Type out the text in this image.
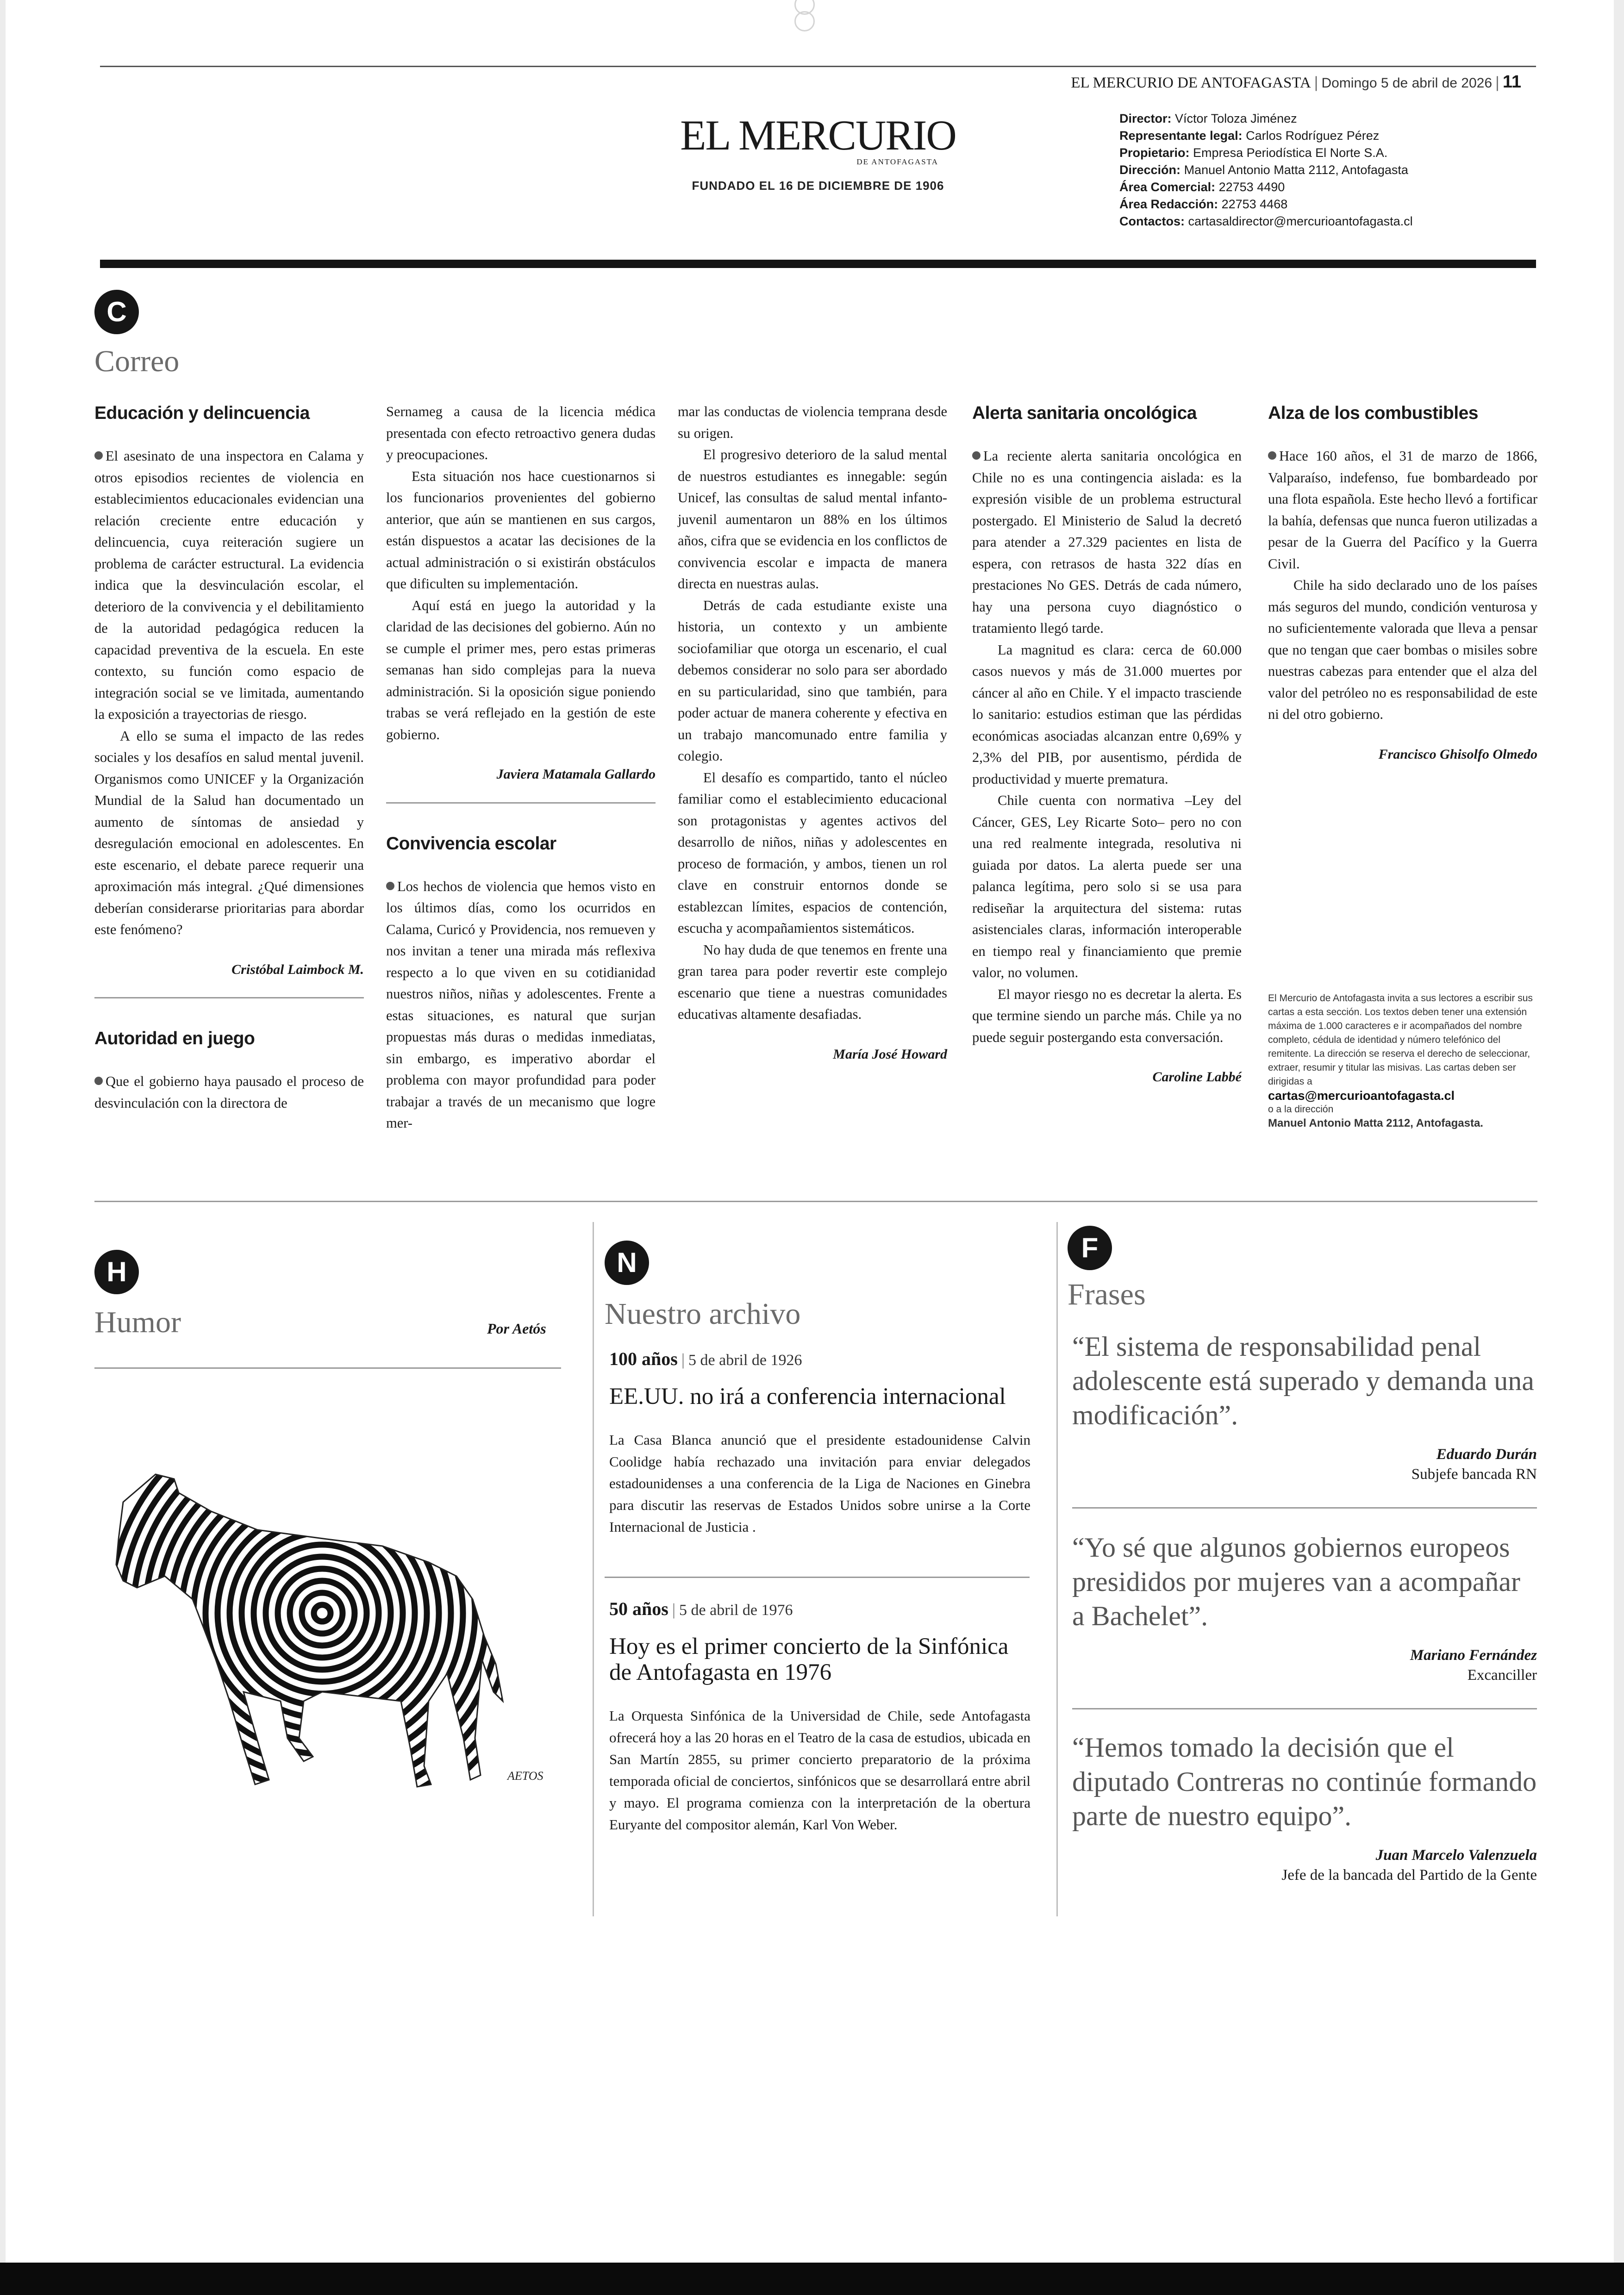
EL MERCURIO DE ANTOFAGASTA | Domingo 5 de abril de 2026 | 11
EL MERCURIO
DE ANTOFAGASTA
FUNDADO EL 16 DE DICIEMBRE DE 1906
Director: Víctor Toloza Jiménez
Representante legal: Carlos Rodríguez Pérez
Propietario: Empresa Periodística El Norte S.A.
Dirección: Manuel Antonio Matta 2112, Antofagasta
Área Comercial: 22753 4490
Área Redacción: 22753 4468
Contactos: cartasaldirector@mercurioantofagasta.cl
C
Correo
Educación y delincuencia

El asesinato de una inspectora en Calama y otros episodios recientes de violencia en establecimientos educacionales evidencian una relación creciente entre educación y delincuencia, cuya reiteración sugiere un problema de carácter estructural. La evidencia indica que la desvinculación escolar, el deterioro de la convivencia y el debilitamiento de la autoridad pedagógica reducen la capacidad preventiva de la escuela. En este contexto, su función como espacio de integración social se ve limitada, aumentando la exposición a trayectorias de riesgo.

A ello se suma el impacto de las redes sociales y los desafíos en salud mental juvenil. Organismos como UNICEF y la Organización Mundial de la Salud han documentado un aumento de síntomas de ansiedad y desregulación emocional en adolescentes. En este escenario, el debate parece requerir una aproximación más integral. ¿Qué dimensiones deberían considerarse prioritarias para abordar este fenómeno?

Cristóbal Laimbock M.
Autoridad en juego

Que el gobierno haya pausado el proceso de desvinculación con la directora de

Sernameg a causa de la licencia médica presentada con efecto retroactivo genera dudas y preocupaciones.

Esta situación nos hace cuestionarnos si los funcionarios provenientes del gobierno anterior, que aún se mantienen en sus cargos, están dispuestos a acatar las decisiones de la actual administración o si existirán obstáculos que dificulten su implementación.

Aquí está en juego la autoridad y la claridad de las decisiones del gobierno. Aún no se cumple el primer mes, pero estas primeras semanas han sido complejas para la nueva administración. Si la oposición sigue poniendo trabas se verá reflejado en la gestión de este gobierno.

Javiera Matamala Gallardo
Convivencia escolar

Los hechos de violencia que hemos visto en los últimos días, como los ocurridos en Calama, Curicó y Providencia, nos remueven y nos invitan a tener una mirada más reflexiva respecto a lo que viven en su cotidianidad nuestros niños, niñas y adolescentes. Frente a estas situaciones, es natural que surjan propuestas más duras o medidas inmediatas, sin embargo, es imperativo abordar el problema con mayor profundidad para poder trabajar a través de un mecanismo que logre mer-

mar las conductas de violencia temprana desde su origen.

El progresivo deterioro de la salud mental de nuestros estudiantes es innegable: según Unicef, las consultas de salud mental infanto-juvenil aumentaron un 88% en los últimos años, cifra que se evidencia en los conflictos de convivencia escolar e impacta de manera directa en nuestras aulas.

Detrás de cada estudiante existe una historia, un contexto y un ambiente sociofamiliar que otorga un escenario, el cual debemos considerar no solo para ser abordado en su particularidad, sino que también, para poder actuar de manera coherente y efectiva en un trabajo mancomunado entre familia y colegio.

El desafío es compartido, tanto el núcleo familiar como el establecimiento educacional son protagonistas y agentes activos del desarrollo de niños, niñas y adolescentes en proceso de formación, y ambos, tienen un rol clave en construir entornos donde se establezcan límites, espacios de contención, escucha y acompañamientos sistemáticos.

No hay duda de que tenemos en frente una gran tarea para poder revertir este complejo escenario que tiene a nuestras comunidades educativas altamente desafiadas.

María José Howard
Alerta sanitaria oncológica

La reciente alerta sanitaria oncológica en Chile no es una contingencia aislada: es la expresión visible de un problema estructural postergado. El Ministerio de Salud la decretó para atender a 27.329 pacientes en lista de espera, con retrasos de hasta 322 días en prestaciones No GES. Detrás de cada número, hay una persona cuyo diagnóstico o tratamiento llegó tarde.

La magnitud es clara: cerca de 60.000 casos nuevos y más de 31.000 muertes por cáncer al año en Chile. Y el impacto trasciende lo sanitario: estudios estiman que las pérdidas económicas asociadas alcanzan entre 0,69% y 2,3% del PIB, por ausentismo, pérdida de productividad y muerte prematura.

Chile cuenta con normativa –Ley del Cáncer, GES, Ley Ricarte Soto– pero no con una red realmente integrada, resolutiva ni guiada por datos. La alerta puede ser una palanca legítima, pero solo si se usa para rediseñar la arquitectura del sistema: rutas asistenciales claras, información interoperable en tiempo real y financiamiento que premie valor, no volumen.

El mayor riesgo no es decretar la alerta. Es que termine siendo un parche más. Chile ya no puede seguir postergando esta conversación.

Caroline Labbé
Alza de los combustibles

Hace 160 años, el 31 de marzo de 1866, Valparaíso, indefenso, fue bombardeado por una flota española. Este hecho llevó a fortificar la bahía, defensas que nunca fueron utilizadas a pesar de la Guerra del Pacífico y la Guerra Civil.

Chile ha sido declarado uno de los países más seguros del mundo, condición venturosa y no suficientemente valorada que lleva a pensar que no tengan que caer bombas o misiles sobre nuestras cabezas para entender que el alza del valor del petróleo no es responsabilidad de este ni del otro gobierno.

Francisco Ghisolfo Olmedo
El Mercurio de Antofagasta invita a sus lectores a escribir sus cartas a esta sección. Los textos deben tener una extensión máxima de 1.000 caracteres e ir acompañados del nombre completo, cédula de identidad y número telefónico del remitente. La dirección se reserva el derecho de seleccionar, extraer, resumir y titular las misivas. Las cartas deben ser dirigidas a
cartas@mercurioantofagasta.cl
o a la dirección
Manuel Antonio Matta 2112, Antofagasta.
H
Humor	Por Aetós
AETOS
N
Nuestro archivo
100 años | 5 de abril de 1926
EE.UU. no irá a conferencia internacional
La Casa Blanca anunció que el presidente estadounidense Calvin Coolidge había rechazado una invitación para enviar delegados estadounidenses a una conferencia de la Liga de Naciones en Ginebra para discutir las reservas de Estados Unidos sobre unirse a la Corte Internacional de Justicia .
50 años | 5 de abril de 1976
Hoy es el primer concierto de la Sinfónica de Antofagasta en 1976
La Orquesta Sinfónica de la Universidad de Chile, sede Antofagasta ofrecerá hoy a las 20 horas en el Teatro de la casa de estudios, ubicada en San Martín 2855, su primer concierto preparatorio de la próxima temporada oficial de conciertos, sinfónicos que se desarrollará entre abril y mayo. El programa comienza con la interpretación de la obertura Euryante del compositor alemán, Karl Von Weber.
F
Frases
“El sistema de responsabilidad penal adolescente está superado y demanda una modificación”.
Eduardo Durán
Subjefe bancada RN
“Yo sé que algunos gobiernos europeos presididos por mujeres van a acompañar a Bachelet”.
Mariano Fernández
Excanciller
“Hemos tomado la decisión que el diputado Contreras no continúe formando parte de nuestro equipo”.
Juan Marcelo Valenzuela
Jefe de la bancada del Partido de la Gente
